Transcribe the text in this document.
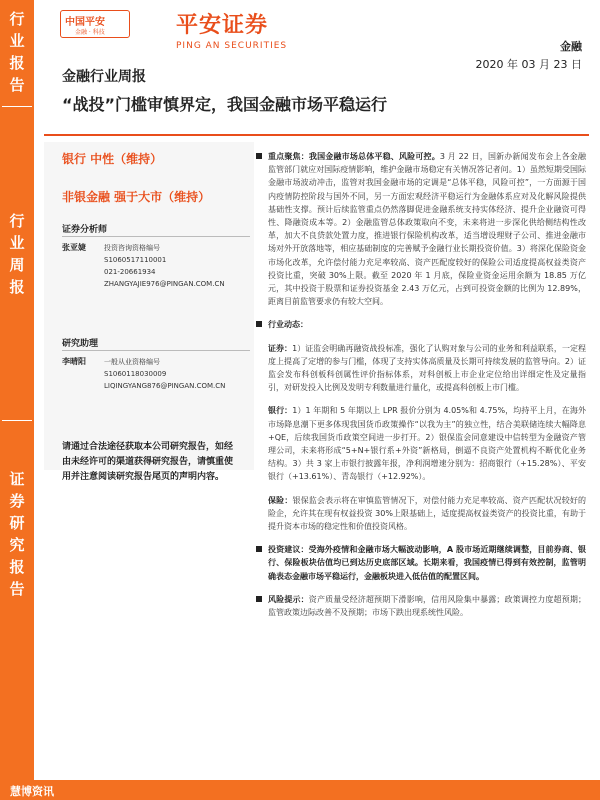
行
业
报
告
行
业
周
报
证
券
研
究
报
告
中国平安
金融 · 科技	平安证券
PING AN SECURITIES	金融
2020 年 03 月 23 日
金融行业周报
“战投”门槛审慎界定，我国金融市场平稳运行
银行 中性（维持）
非银金融 强于大市（维持）
证券分析师
张亚婕	投资咨询资格编号
S1060517110001
021-20661934
ZHANGYAJIE976@PINGAN.COM.CN
研究助理
李晴阳	一般从业资格编号
S1060118030009
LIQINGYANG876@PINGAN.COM.CN
请通过合法途径获取本公司研究报告，如经由未经许可的渠道获得研究报告，请慎重使用并注意阅读研究报告尾页的声明内容。
重点聚焦：我国金融市场总体平稳、风险可控。3 月 22 日，国新办新闻发布会上各金融监管部门就应对国际疫情影响，维护金融市场稳定有关情况答记者问。1）虽然短期受国际金融市场波动冲击，监管对我国金融市场的定调是“总体平稳，风险可控”，一方面源于国内疫情防控阶段与国外不同，另一方面宏观经济平稳运行为金融体系应对及化解风险提供基础性支撑。预计后续监管重点仍然落脚促进金融系统支持实体经济、提升企业融资可得性、降融资成本等。2）金融监管总体政策取向不变，未来将进一步深化供给侧结构性改革，加大不良贷款处置力度，推进银行保险机构改革，适当增设理财子公司、推进金融市场对外开放落地等，相应基础制度的完善赋予金融行业长期投资价值。3）将深化保险资金市场化改革，允许偿付能力充足率较高、资产匹配度较好的保险公司适度提高权益类资产投资比重，突破 30%上限。截至 2020 年 1 月底，保险业资金运用余额为 18.85 万亿元，其中投资于股票和证券投资基金 2.43 万亿元，占到可投资金额的比例为 12.89%，距离目前监管要求仍有较大空间。
行业动态：
证券：1）证监会明确再融资战投标准，强化了认购对象与公司的业务和利益联系，一定程度上提高了定增的参与门槛，体现了支持实体高质量及长期可持续发展的监管导向。2）证监会发布科创板科创属性评价指标体系，对科创板上市企业定位给出详细定性及定量指引，对研发投入比例及发明专利数量进行量化，或提高科创板上市门槛。
银行：1）1 年期和 5 年期以上 LPR 报价分别为 4.05%和 4.75%，均持平上月，在海外市场降息潮下更多体现我国货币政策操作“以我为主”的独立性，结合美联储连续大幅降息+QE，后续我国货币政策空间进一步打开。2）银保监会同意建设中信转型为金融资产管理公司，未来将形成“5+N+银行系+外资”新格局，倒逼不良资产处置机构不断优化业务结构。3）共 3 家上市银行披露年报，净利润增速分别为：招商银行（+15.28%）、平安银行（+13.61%）、青岛银行（+12.92%）。
保险：银保监会表示将在审慎监管情况下，对偿付能力充足率较高、资产匹配状况较好的险企，允许其在现有权益投资 30%上限基础上，适度提高权益类资产的投资比重，有助于提升资本市场的稳定性和价值投资风格。
投资建议：受海外疫情和金融市场大幅波动影响，A 股市场近期继续调整，目前券商、银行、保险板块估值均已到达历史底部区域。长期来看，我国疫情已得到有效控制，监管明确表态金融市场平稳运行，金融板块进入低估值的配置区间。
风险提示：资产质量受经济超预期下滑影响，信用风险集中暴露；政策调控力度超预期；监管政策边际改善不及预期；市场下跌出现系统性风险。
慧博资讯
